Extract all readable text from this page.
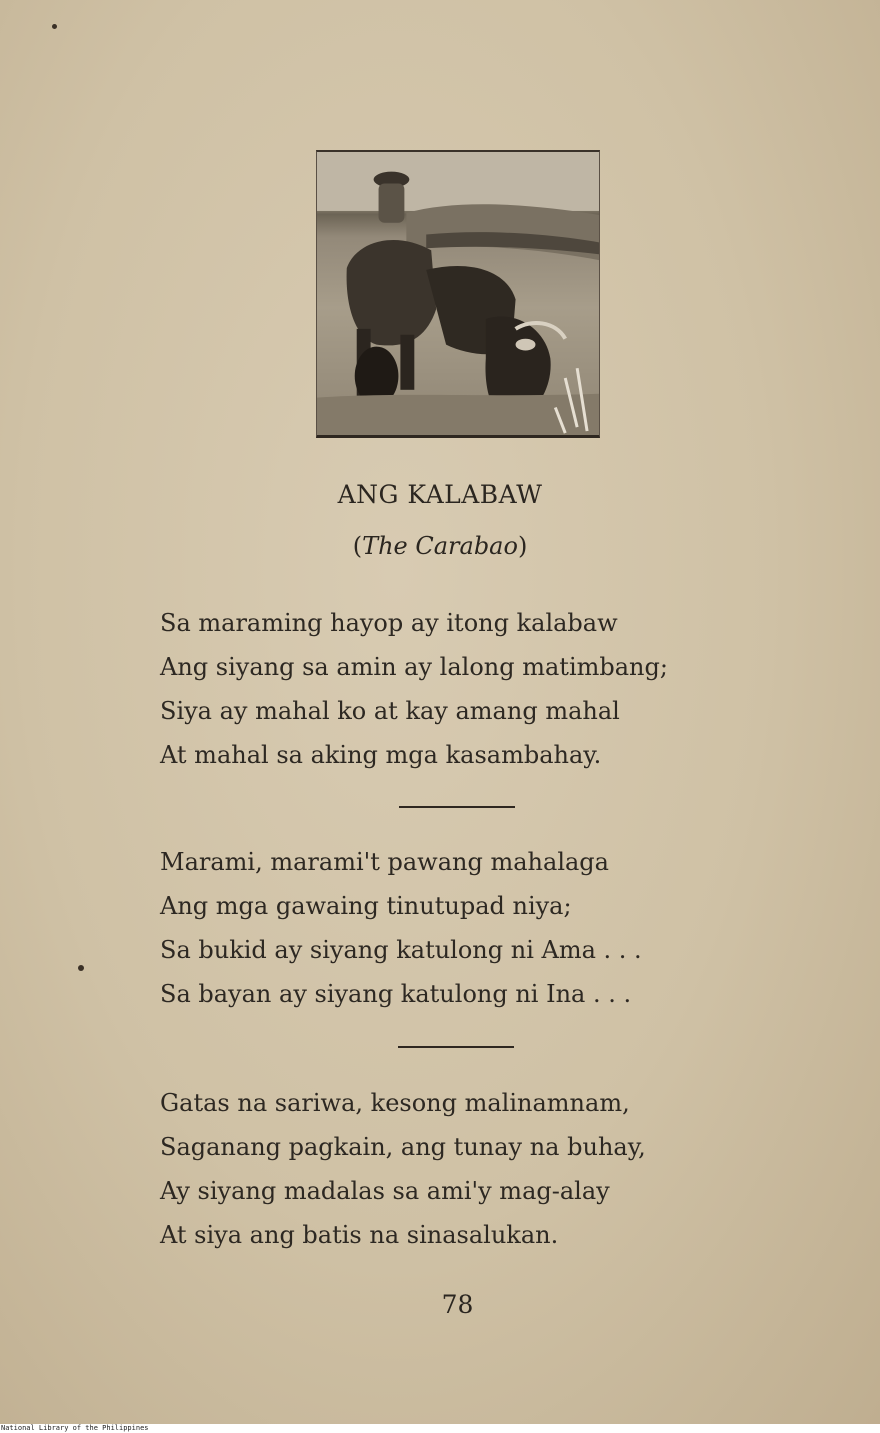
ANG KALABAW
(The Carabao)
Sa maraming hayop ay itong kalabaw
Ang siyang sa amin ay lalong matimbang;
Siya ay mahal ko at kay amang mahal
At mahal sa aking mga kasambahay.
Marami, marami't pawang mahalaga
Ang mga gawaing tinutupad niya;
Sa bukid ay siyang katulong ni Ama . . .
Sa bayan ay siyang katulong ni Ina . . .
Gatas na sariwa, kesong malinamnam,
Saganang pagkain, ang tunay na buhay,
Ay siyang madalas sa ami'y mag-alay
At siya ang batis na sinasalukan.
78
National Library of the Philippines
